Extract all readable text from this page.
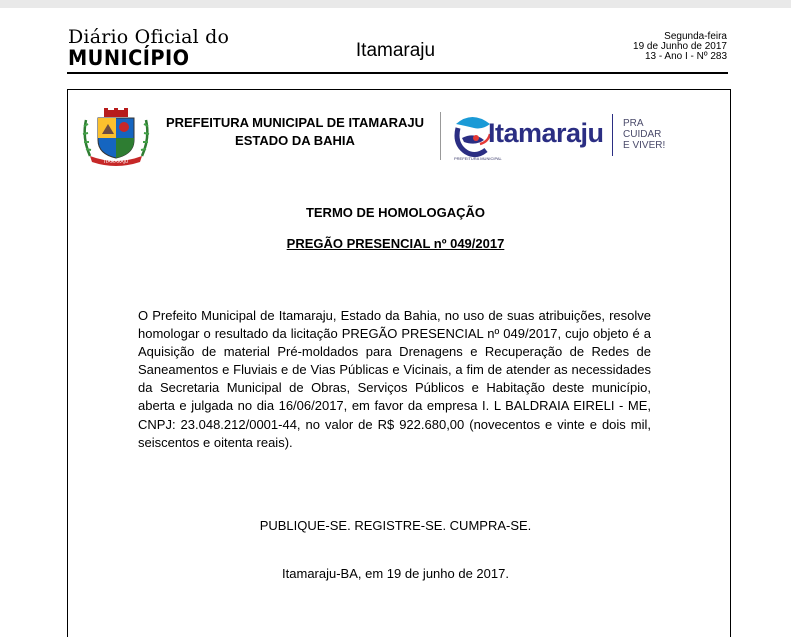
Diário Oficial do
MUNICÍPIO	Itamaraju
Segunda-feira
19 de Junho de 2017
13 - Ano I - Nº 283
ITAMARAJU
PREFEITURA MUNICIPAL DE ITAMARAJU
ESTADO DA BAHIA
PREFEITURA MUNICIPAL
Itamaraju PRA
CUIDAR
E VIVER!
TERMO DE HOMOLOGAÇÃO
PREGÃO PRESENCIAL nº 049/2017
O Prefeito Municipal de Itamaraju, Estado da Bahia, no uso de suas atribuições, resolve homologar o resultado da licitação PREGÃO PRESENCIAL nº 049/2017, cujo objeto é a Aquisição de material Pré-moldados para Drenagens e Recuperação de Redes de Saneamentos e Fluviais e de Vias Públicas e Vicinais, a fim de atender as necessidades da Secretaria Municipal de Obras, Serviços Públicos e Habitação deste município, aberta e julgada no dia 16/06/2017, em favor da empresa I. L BALDRAIA EIRELI - ME, CNPJ: 23.048.212/0001-44, no valor de R$ 922.680,00 (novecentos e vinte e dois mil, seiscentos e oitenta reais).
PUBLIQUE-SE. REGISTRE-SE. CUMPRA-SE.
Itamaraju-BA, em 19 de junho de 2017.
